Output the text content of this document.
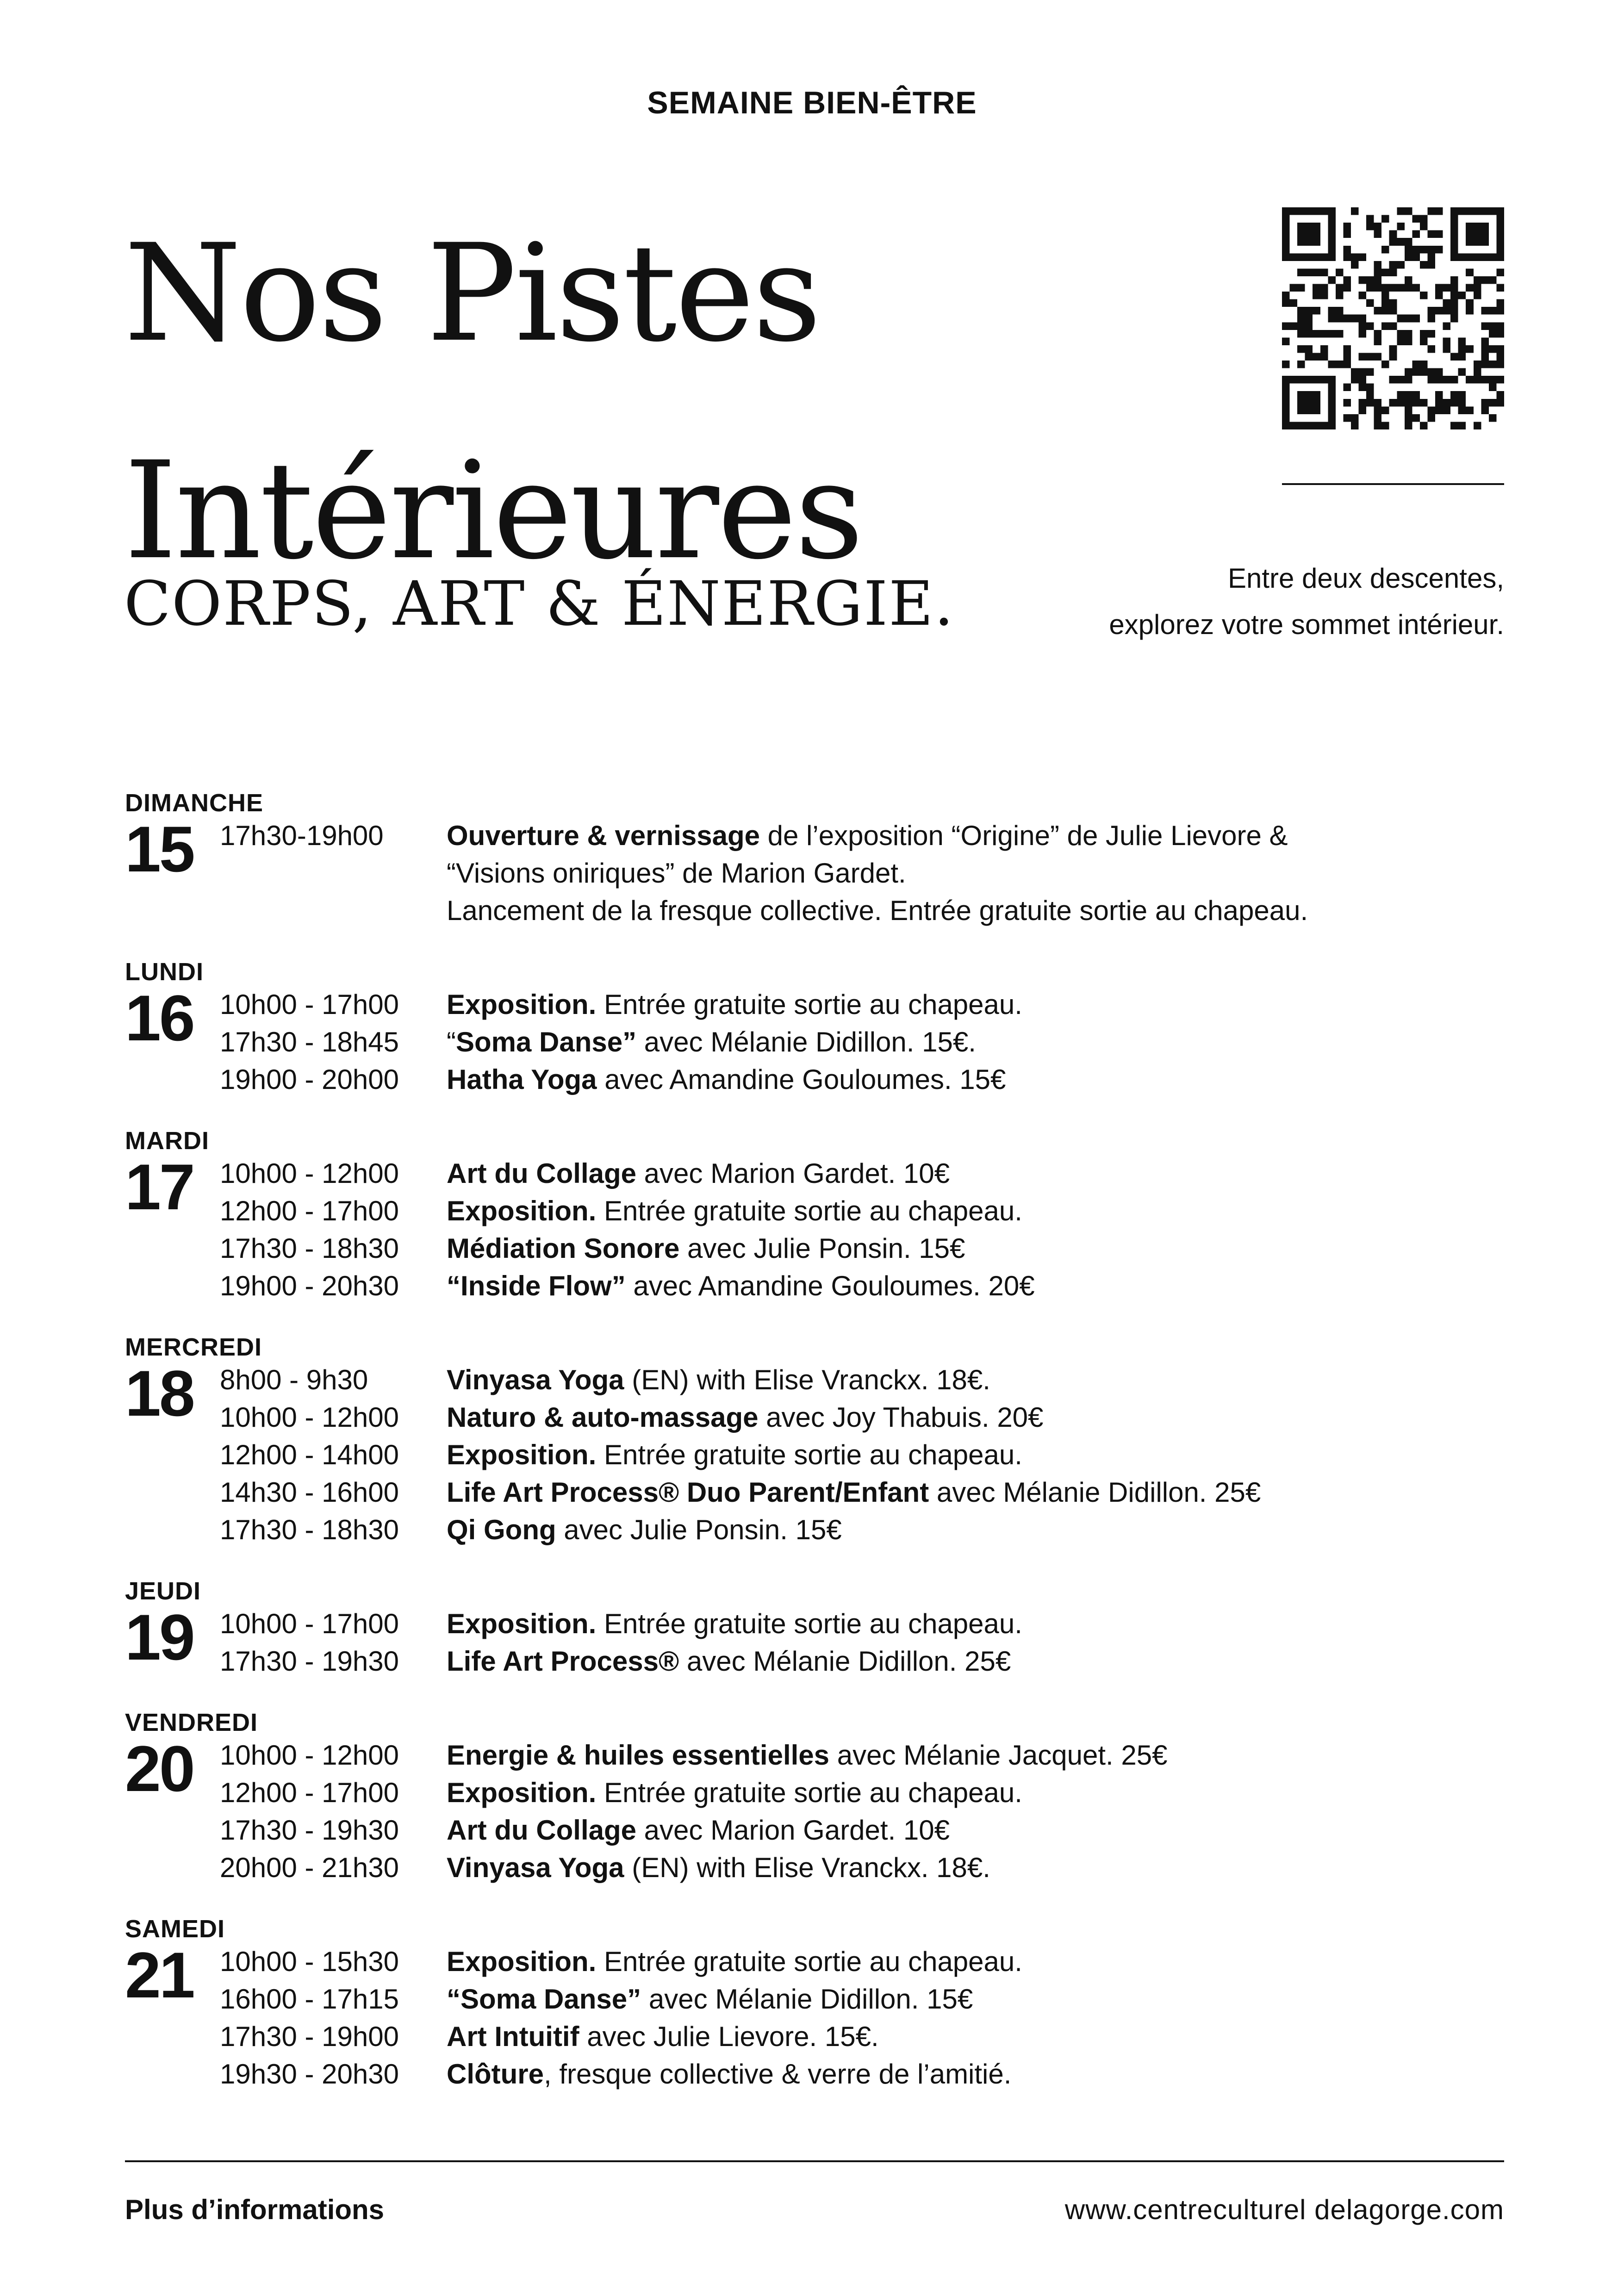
SEMAINE BIEN-ÊTRE
Nos Pistes
Intérieures
CORPS, ART & ÉNERGIE.	Entre deux descentes,
explorez votre sommet intérieur.
DIMANCHE
15 17h30-19h00	Ouverture & vernissage de l’exposition “Origine” de Julie Lievore &
“Visions oniriques” de Marion Gardet.
Lancement de la fresque collective. Entrée gratuite sortie au chapeau.
LUNDI
16 10h00 - 17h00	Exposition. Entrée gratuite sortie au chapeau.
17h30 - 18h45	“Soma Danse” avec Mélanie Didillon. 15€.
19h00 - 20h00	Hatha Yoga avec Amandine Gouloumes. 15€
MARDI
17 10h00 - 12h00	Art du Collage avec Marion Gardet. 10€
12h00 - 17h00	Exposition. Entrée gratuite sortie au chapeau.
17h30 - 18h30	Médiation Sonore avec Julie Ponsin. 15€
19h00 - 20h30	“Inside Flow” avec Amandine Gouloumes. 20€
MERCREDI
18 8h00 - 9h30	Vinyasa Yoga (EN) with Elise Vranckx. 18€.
10h00 - 12h00	Naturo & auto-massage avec Joy Thabuis. 20€
12h00 - 14h00	Exposition. Entrée gratuite sortie au chapeau.
14h30 - 16h00	Life Art Process® Duo Parent/Enfant avec Mélanie Didillon. 25€
17h30 - 18h30	Qi Gong avec Julie Ponsin. 15€
JEUDI
19 10h00 - 17h00	Exposition. Entrée gratuite sortie au chapeau.
17h30 - 19h30	Life Art Process® avec Mélanie Didillon. 25€
VENDREDI
20 10h00 - 12h00	Energie & huiles essentielles avec Mélanie Jacquet. 25€
12h00 - 17h00	Exposition. Entrée gratuite sortie au chapeau.
17h30 - 19h30	Art du Collage avec Marion Gardet. 10€
20h00 - 21h30	Vinyasa Yoga (EN) with Elise Vranckx. 18€.
SAMEDI
21 10h00 - 15h30	Exposition. Entrée gratuite sortie au chapeau.
16h00 - 17h15	“Soma Danse” avec Mélanie Didillon. 15€
17h30 - 19h00	Art Intuitif avec Julie Lievore. 15€.
19h30 - 20h30	Clôture, fresque collective & verre de l’amitié.
Plus d’informations	www.centreculturel delagorge.com
